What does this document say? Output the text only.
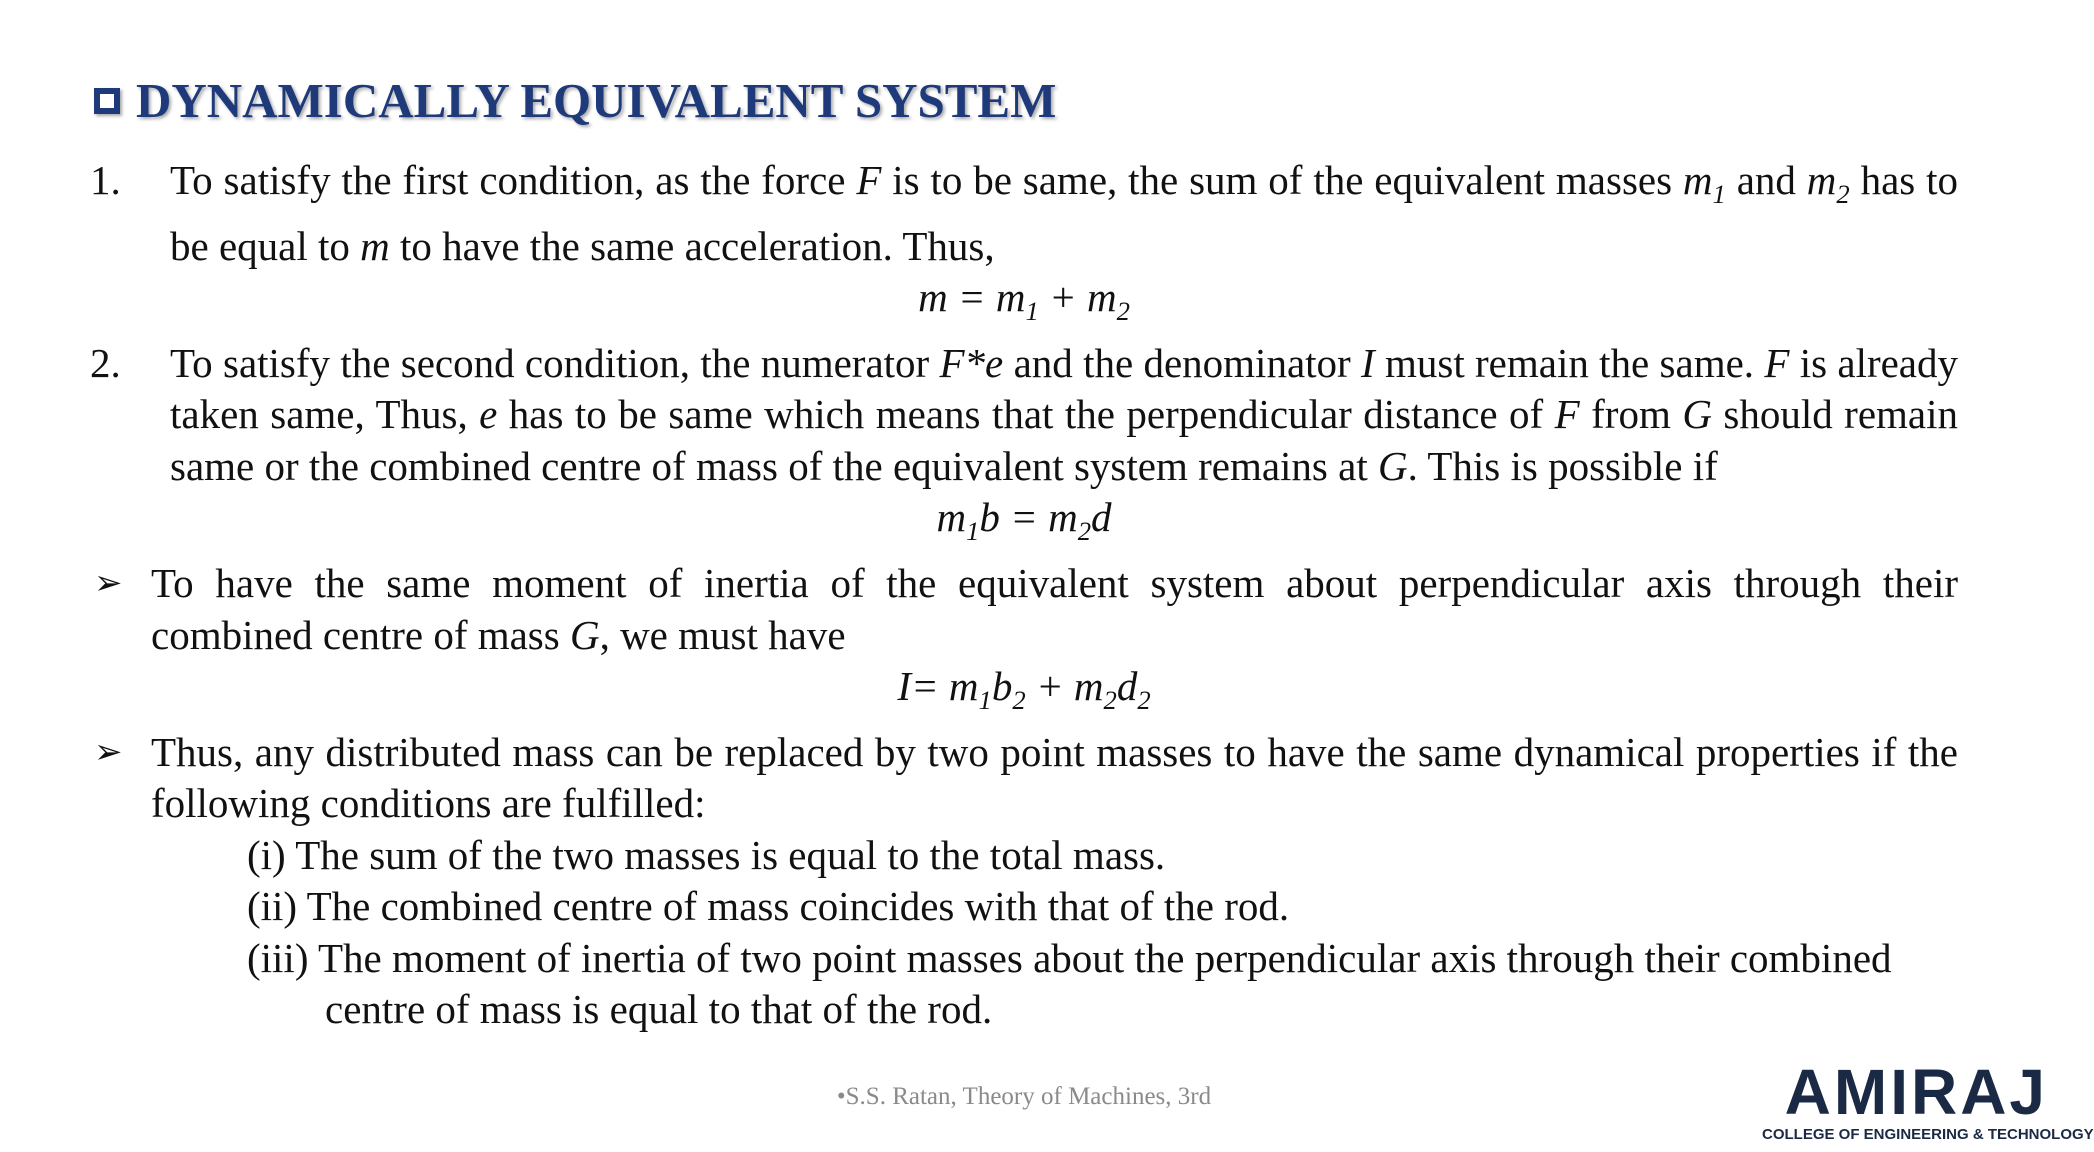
DYNAMICALLY EQUIVALENT SYSTEM
1. To satisfy the first condition, as the force F is to be same, the sum of the equivalent masses $m_1$ and $m_2$ has to be equal to m to have the same acceleration. Thus,
$m = m_1 + m_2$
2. To satisfy the second condition, the numerator F*e and the denominator I must remain the same. F is already taken same, Thus, e has to be same which means that the perpendicular distance of F from G should remain same or the combined centre of mass of the equivalent system remains at G. This is possible if
$m_1b = m_2d$
➢ To have the same moment of inertia of the equivalent system about perpendicular axis through their combined centre of mass G, we must have
$I= m_1b_2 + m_2d_2$
➢ Thus, any distributed mass can be replaced by two point masses to have the same dynamical properties if the following conditions are fulfilled:
(i) The sum of the two masses is equal to the total mass.
(ii) The combined centre of mass coincides with that of the rod.
(iii) The moment of inertia of two point masses about the perpendicular axis through their combined centre of mass is equal to that of the rod.
•S.S. Ratan, Theory of Machines, 3rd	AMIRAJ
COLLEGE OF ENGINEERING & TECHNOLOGY
